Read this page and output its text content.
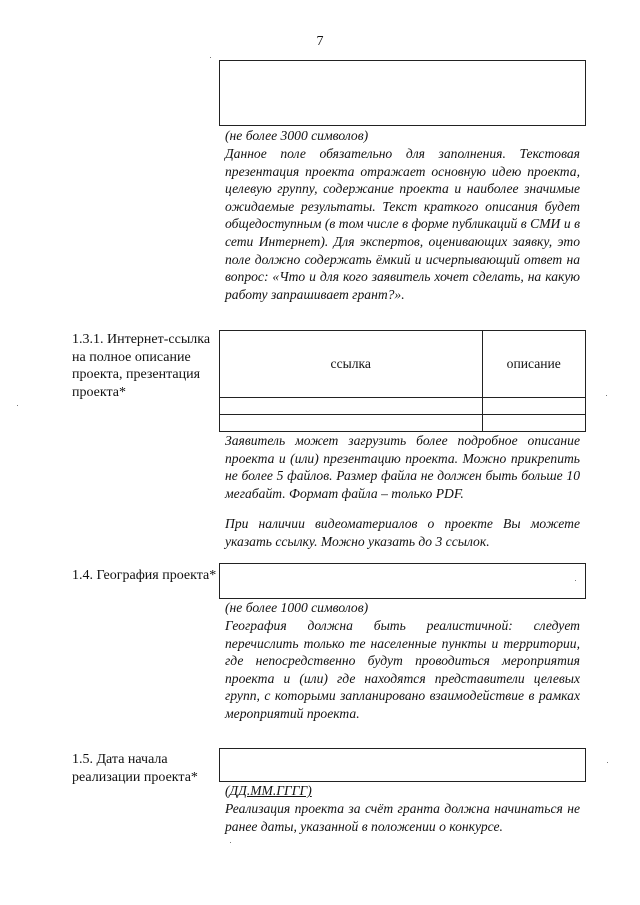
7
(не более 3000 символов)
Данное поле обязательно для заполнения. Текстовая презентация проекта отражает основную идею проекта, целевую группу, содержание проекта и наиболее значимые ожидаемые результаты. Текст краткого описания будет общедоступным (в том числе в форме публикаций в СМИ и в сети Интернет). Для экспертов, оценивающих заявку, это поле должно содержать ёмкий и исчерпывающий ответ на вопрос: «Что и для кого заявитель хочет сделать, на какую работу запрашивает грант?».
1.3.1. Интернет-ссылка на полное описание проекта, презентация проекта*
ссылка	описание

Заявитель может загрузить более подробное описание проекта и (или) презентацию проекта. Можно прикрепить не более 5 файлов. Размер файла не должен быть больше 10 мегабайт. Формат файла – только PDF.
При наличии видеоматериалов о проекте Вы можете указать ссылку. Можно указать до 3 ссылок.
1.4. География проекта*
(не более 1000 символов)
География должна быть реалистичной: следует перечислить только те населенные пункты и территории, где непосредственно будут проводиться мероприятия проекта и (или) где находятся представители целевых групп, с которыми запланировано взаимодействие в рамках мероприятий проекта.
1.5. Дата начала реализации проекта*
(ДД.ММ.ГГГГ)
Реализация проекта за счёт гранта должна начинаться не ранее даты, указанной в положении о конкурсе.
